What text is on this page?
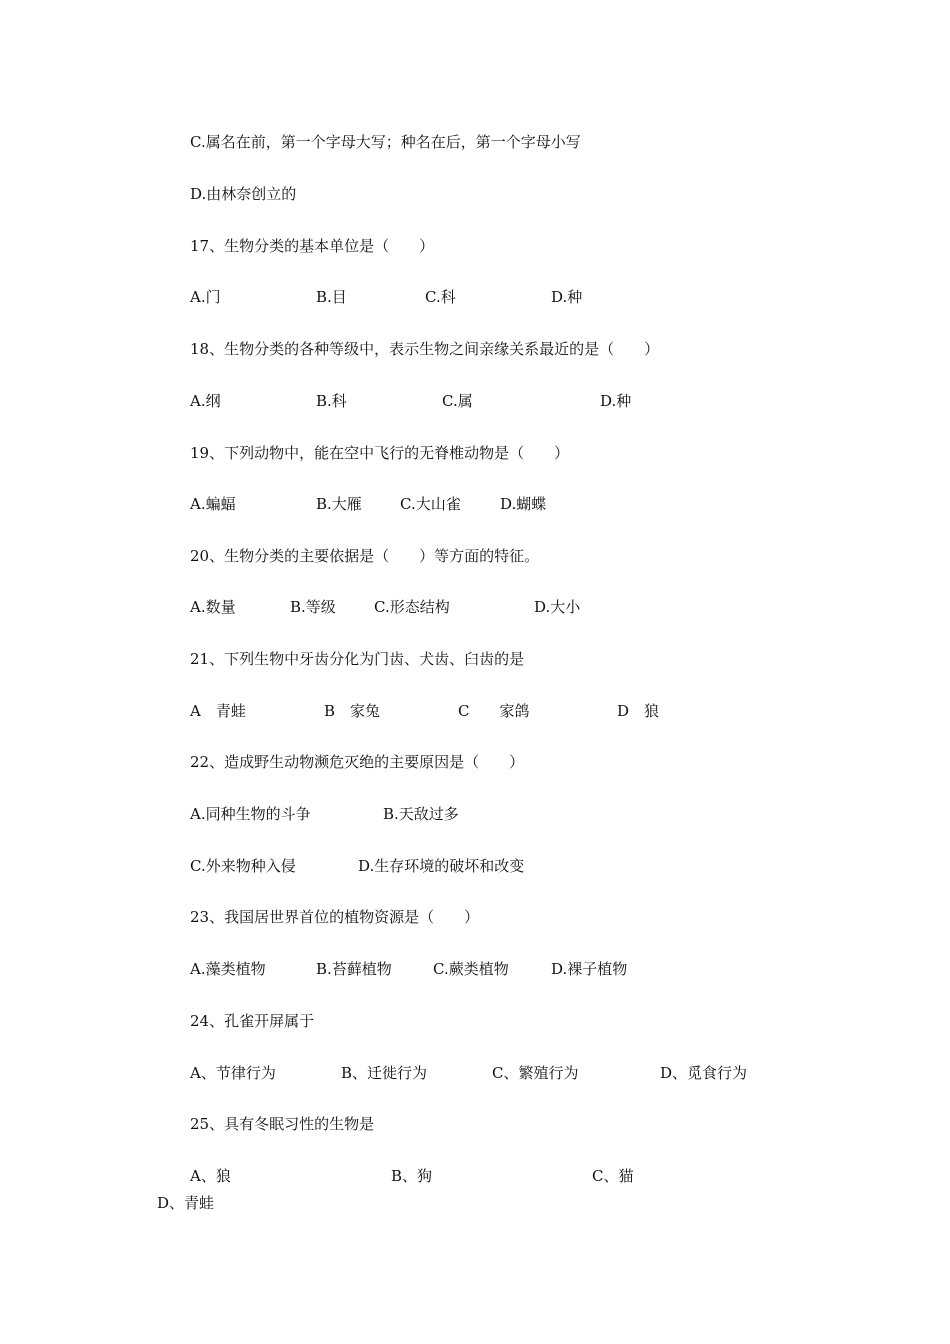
C.属名在前，第一个字母大写；种名在后，第一个字母小写
D.由林奈创立的
17、生物分类的基本单位是（　　）
A.门	B.目	C.科	D.种
18、生物分类的各种等级中，表示生物之间亲缘关系最近的是（　　）
A.纲	B.科	C.属	D.种
19、下列动物中，能在空中飞行的无脊椎动物是（　　）
A.蝙蝠	B.大雁	C.大山雀	D.蝴蝶
20、生物分类的主要依据是（　　）等方面的特征。
A.数量	B.等级	C.形态结构	D.大小
21、下列生物中牙齿分化为门齿、犬齿、臼齿的是
A　青蛙	B　家兔	C　　家鸽	D　狼
22、造成野生动物濒危灭绝的主要原因是（　　）
A.同种生物的斗争	B.天敌过多
C.外来物种入侵	D.生存环境的破坏和改变
23、我国居世界首位的植物资源是（　　）
A.藻类植物	B.苔藓植物	C.蕨类植物	D.裸子植物
24、孔雀开屏属于
A、节律行为	B、迁徙行为	C、繁殖行为	D、觅食行为
25、具有冬眠习性的生物是
A、狼	B、狗	C、猫
D、青蛙
